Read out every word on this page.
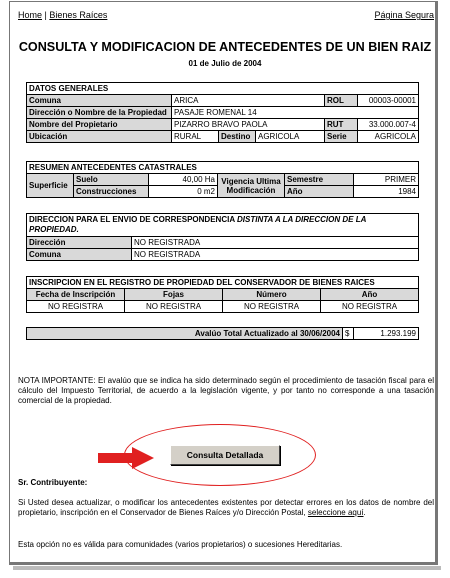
Home | Bienes Raíces	Página Segura
CONSULTA Y MODIFICACION DE ANTECEDENTES DE UN BIEN RAIZ
01 de Julio de 2004
DATOS GENERALES					
Comuna	ARICA			ROL	00003-00001
Dirección o Nombre de la Propiedad	PASAJE ROMENAL 14				
Nombre del Propietario	PIZARRO BRAVO PAOLA			RUT	33.000.007-4
Ubicación	RURAL	Destino	AGRICOLA	Serie	AGRICOLA
RESUMEN ANTECEDENTES CATASTRALES					
Superficie	Suelo	40,00 Ha	Vigencia Ultima Modificación	Semestre	PRIMER
	Construcciones	0 m2		Año	1984
DIRECCION PARA EL ENVIO DE CORRESPONDENCIA DISTINTA A LA DIRECCION DE LA PROPIEDAD.	
Dirección	NO REGISTRADA
Comuna	NO REGISTRADA
INSCRIPCION EN EL REGISTRO DE PROPIEDAD DEL CONSERVADOR DE BIENES RAICES			
Fecha de Inscripción	Fojas	Número	Año
NO REGISTRA	NO REGISTRA	NO REGISTRA	NO REGISTRA
Avalúo Total Actualizado al 30/06/2004	$	1.293.199
NOTA IMPORTANTE: El avalúo que se indica ha sido determinado según el procedimiento de tasación fiscal para el cálculo del Impuesto Territorial, de acuerdo a la legislación vigente, y por tanto no corresponde a una tasación comercial de la propiedad.
Consulta Detallada
Sr. Contribuyente:
Si Usted desea actualizar, o modificar los antecedentes existentes por detectar errores en los datos de nombre del propietario, inscripción en el Conservador de Bienes Raíces y/o Dirección Postal, seleccione aquí.
Esta opción no es válida para comunidades (varios propietarios) o sucesiones Hereditarias.
